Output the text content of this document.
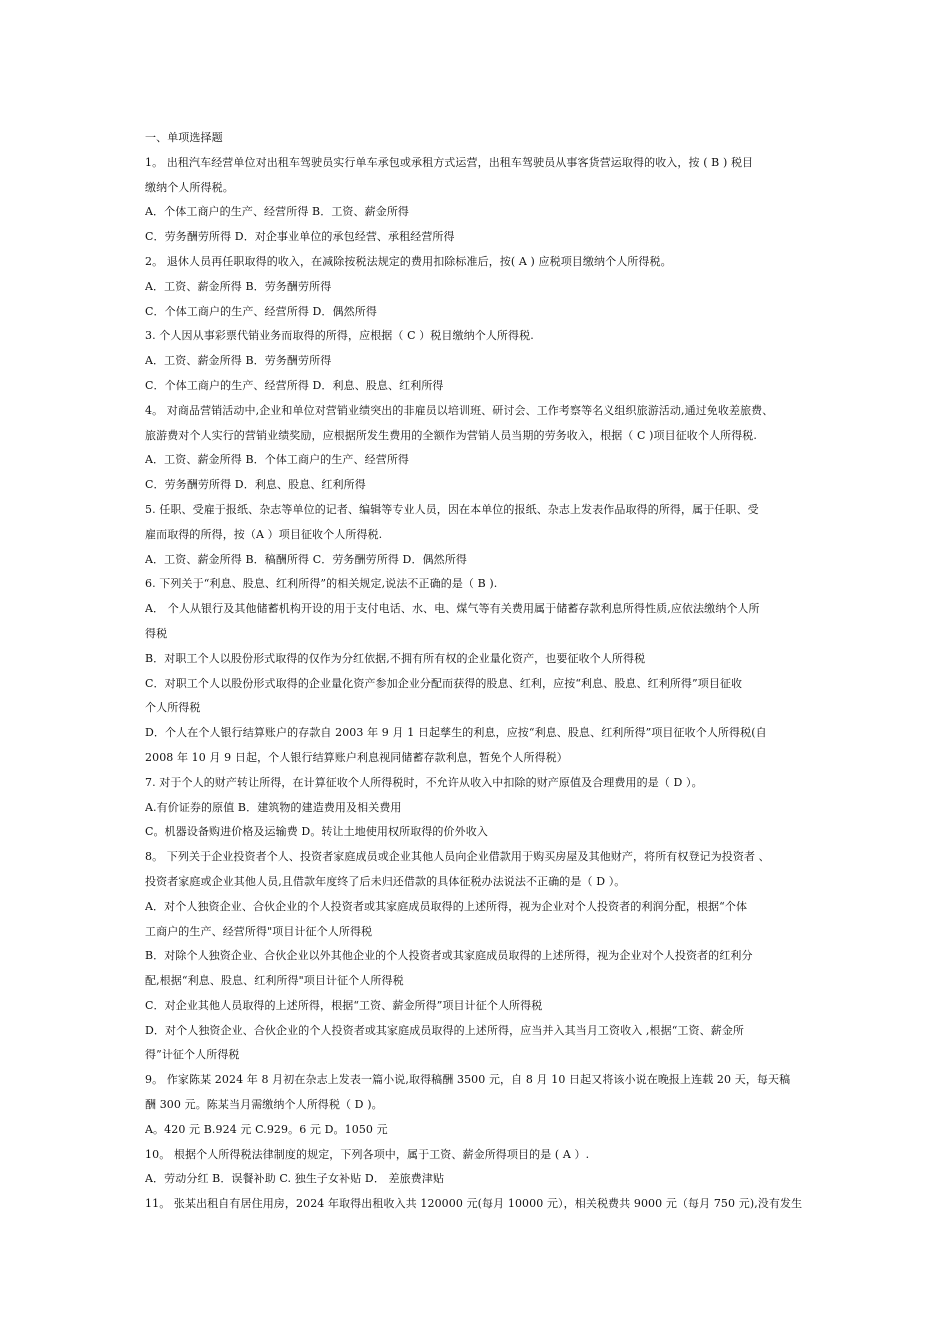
一、单项选择题
1。 出租汽车经营单位对出租车驾驶员实行单车承包或承租方式运营，出租车驾驶员从事客货营运取得的收入，按 ( B ) 税目
缴纳个人所得税。
A．个体工商户的生产、经营所得 B．工资、薪金所得
C．劳务酬劳所得 D．对企事业单位的承包经营、承租经营所得
2。 退休人员再任职取得的收入，在减除按税法规定的费用扣除标准后，按( A ) 应税项目缴纳个人所得税。
A．工资、薪金所得 B．劳务酬劳所得
C．个体工商户的生产、经营所得 D．偶然所得
3. 个人因从事彩票代销业务而取得的所得，应根据（ C ）税目缴纳个人所得税.
A．工资、薪金所得 B．劳务酬劳所得
C．个体工商户的生产、经营所得 D．利息、股息、红利所得
4。 对商品营销活动中,企业和单位对营销业绩突出的非雇员以培训班、研讨会、工作考察等名义组织旅游活动,通过免收差旅费、
旅游费对个人实行的营销业绩奖励，应根据所发生费用的全额作为营销人员当期的劳务收入，根据（ C )项目征收个人所得税.
A．工资、薪金所得 B．个体工商户的生产、经营所得
C．劳务酬劳所得 D．利息、股息、红利所得
5. 任职、受雇于报纸、杂志等单位的记者、编辑等专业人员，因在本单位的报纸、杂志上发表作品取得的所得，属于任职、受
雇而取得的所得，按（A ）项目征收个人所得税.
A．工资、薪金所得 B．稿酬所得 C．劳务酬劳所得 D．偶然所得
6. 下列关于“利息、股息、红利所得”的相关规定,说法不正确的是（ B ).
A． 个人从银行及其他储蓄机构开设的用于支付电话、水、电、煤气等有关费用属于储蓄存款利息所得性质,应依法缴纳个人所
得税
B．对职工个人以股份形式取得的仅作为分红依据,不拥有所有权的企业量化资产，也要征收个人所得税
C．对职工个人以股份形式取得的企业量化资产参加企业分配而获得的股息、红利，应按“利息、股息、红利所得”项目征收
个人所得税
D．个人在个人银行结算账户的存款自 2003 年 9 月 1 日起孳生的利息，应按“利息、股息、红利所得”项目征收个人所得税(自
2008 年 10 月 9 日起，个人银行结算账户利息视同储蓄存款利息，暂免个人所得税）
7. 对于个人的财产转让所得，在计算征收个人所得税时，不允许从收入中扣除的财产原值及合理费用的是（ D ）。
A.有价证券的原值 B．建筑物的建造费用及相关费用
C。机器设备购进价格及运输费 D。转让土地使用权所取得的价外收入
8。 下列关于企业投资者个人、投资者家庭成员或企业其他人员向企业借款用于购买房屋及其他财产，将所有权登记为投资者 、
投资者家庭或企业其他人员,且借款年度终了后未归还借款的具体征税办法说法不正确的是（ D ）。
A．对个人独资企业、合伙企业的个人投资者或其家庭成员取得的上述所得，视为企业对个人投资者的利润分配，根据“个体
工商户的生产、经营所得"项目计征个人所得税
B．对除个人独资企业、合伙企业以外其他企业的个人投资者或其家庭成员取得的上述所得，视为企业对个人投资者的红利分
配,根据“利息、股息、红利所得"项目计征个人所得税
C．对企业其他人员取得的上述所得，根据“工资、薪金所得”项目计征个人所得税
D．对个人独资企业、合伙企业的个人投资者或其家庭成员取得的上述所得，应当并入其当月工资收入 ,根据“工资、薪金所
得”计征个人所得税
9。 作家陈某 2024 年 8 月初在杂志上发表一篇小说,取得稿酬 3500 元，自 8 月 10 日起又将该小说在晚报上连载 20 天，每天稿
酬 300 元。陈某当月需缴纳个人所得税（ D )。
A。420 元 B.924 元 C.929。6 元 D。1050 元
10。 根据个人所得税法律制度的规定，下列各项中，属于工资、薪金所得项目的是 ( A ）.
A．劳动分红 B．误餐补助 C. 独生子女补贴 D． 差旅费津贴
11。 张某出租自有居住用房，2024 年取得出租收入共 120000 元(每月 10000 元），相关税费共 9000 元（每月 750 元),没有发生
